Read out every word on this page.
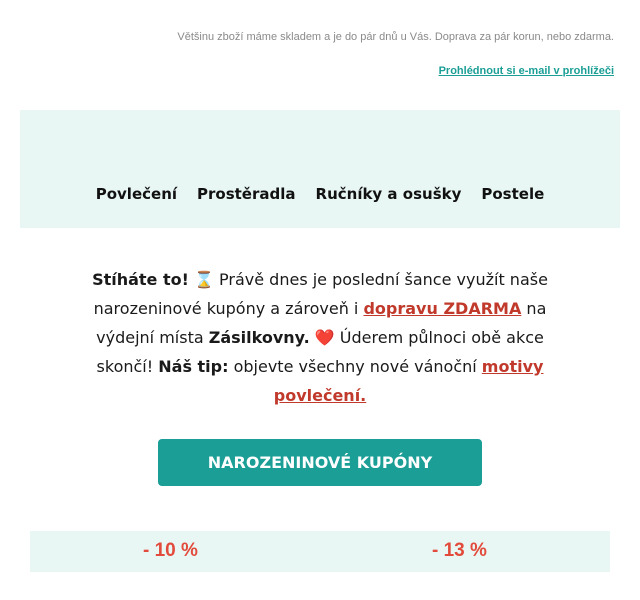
Většinu zboží máme skladem a je do pár dnů u Vás. Doprava za pár korun, nebo zdarma.
Prohlédnout si e-mail v prohlížeči
Povlečení Prostěradla Ručníky a osušky Postele
Stíháte to! ⌛ Právě dnes je poslední šance využít naše narozeninové kupóny a zároveň i dopravu ZDARMA na výdejní místa Zásilkovny. ❤️ Úderem půlnoci obě akce skončí! Náš tip: objevte všechny nové vánoční motivy povlečení.
NAROZENINOVÉ KUPÓNY
- 10 %	- 13 %
